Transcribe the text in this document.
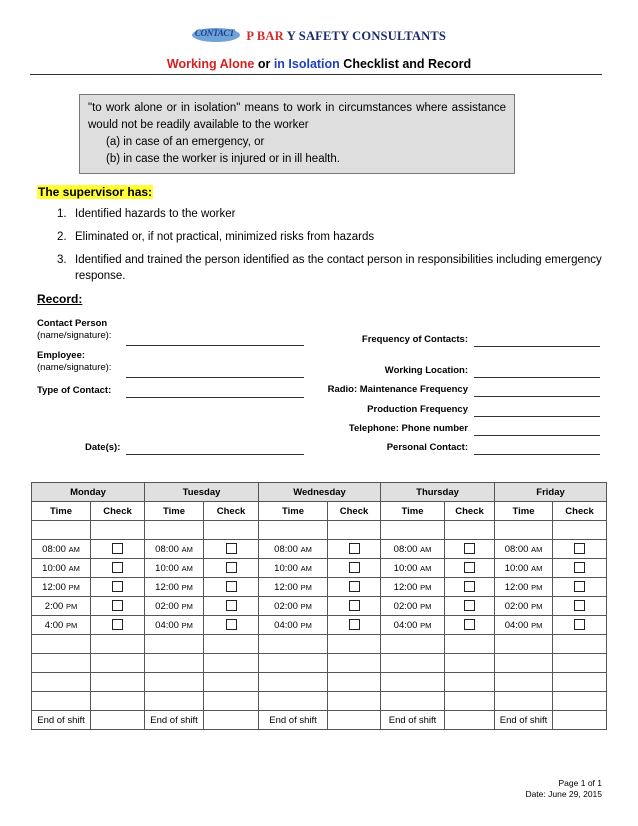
CONTACT P BAR Y SAFETY CONSULTANTS
Working Alone or in Isolation Checklist and Record
"to work alone or in isolation" means to work in circumstances where assistance would not be readily available to the worker
(a) in case of an emergency, or
(b) in case the worker is injured or in ill health.
The supervisor has:
1. Identified hazards to the worker
2. Eliminated or, if not practical, minimized risks from hazards
3. Identified and trained the person identified as the contact person in responsibilities including emergency response.
Record:
Contact Person
(name/signature):
Employee:
(name/signature):
Type of Contact:
Date(s):
Frequency of Contacts:
Working Location:
Radio: Maintenance Frequency
Production Frequency
Telephone: Phone number
Personal Contact:
Monday		Tuesday		Wednesday		Thursday		Friday	
Time	Check	Time	Check	Time	Check	Time	Check	Time	Check

08:00 AM		08:00 AM		08:00 AM		08:00 AM		08:00 AM	
10:00 AM		10:00 AM		10:00 AM		10:00 AM		10:00 AM	
12:00 PM		12:00 PM		12:00 PM		12:00 PM		12:00 PM	
2:00 PM		02:00 PM		02:00 PM		02:00 PM		02:00 PM	
4:00 PM		04:00 PM		04:00 PM		04:00 PM		04:00 PM	

End of shift		End of shift		End of shift		End of shift		End of shift	
Page 1 of 1
Date: June 29, 2015
